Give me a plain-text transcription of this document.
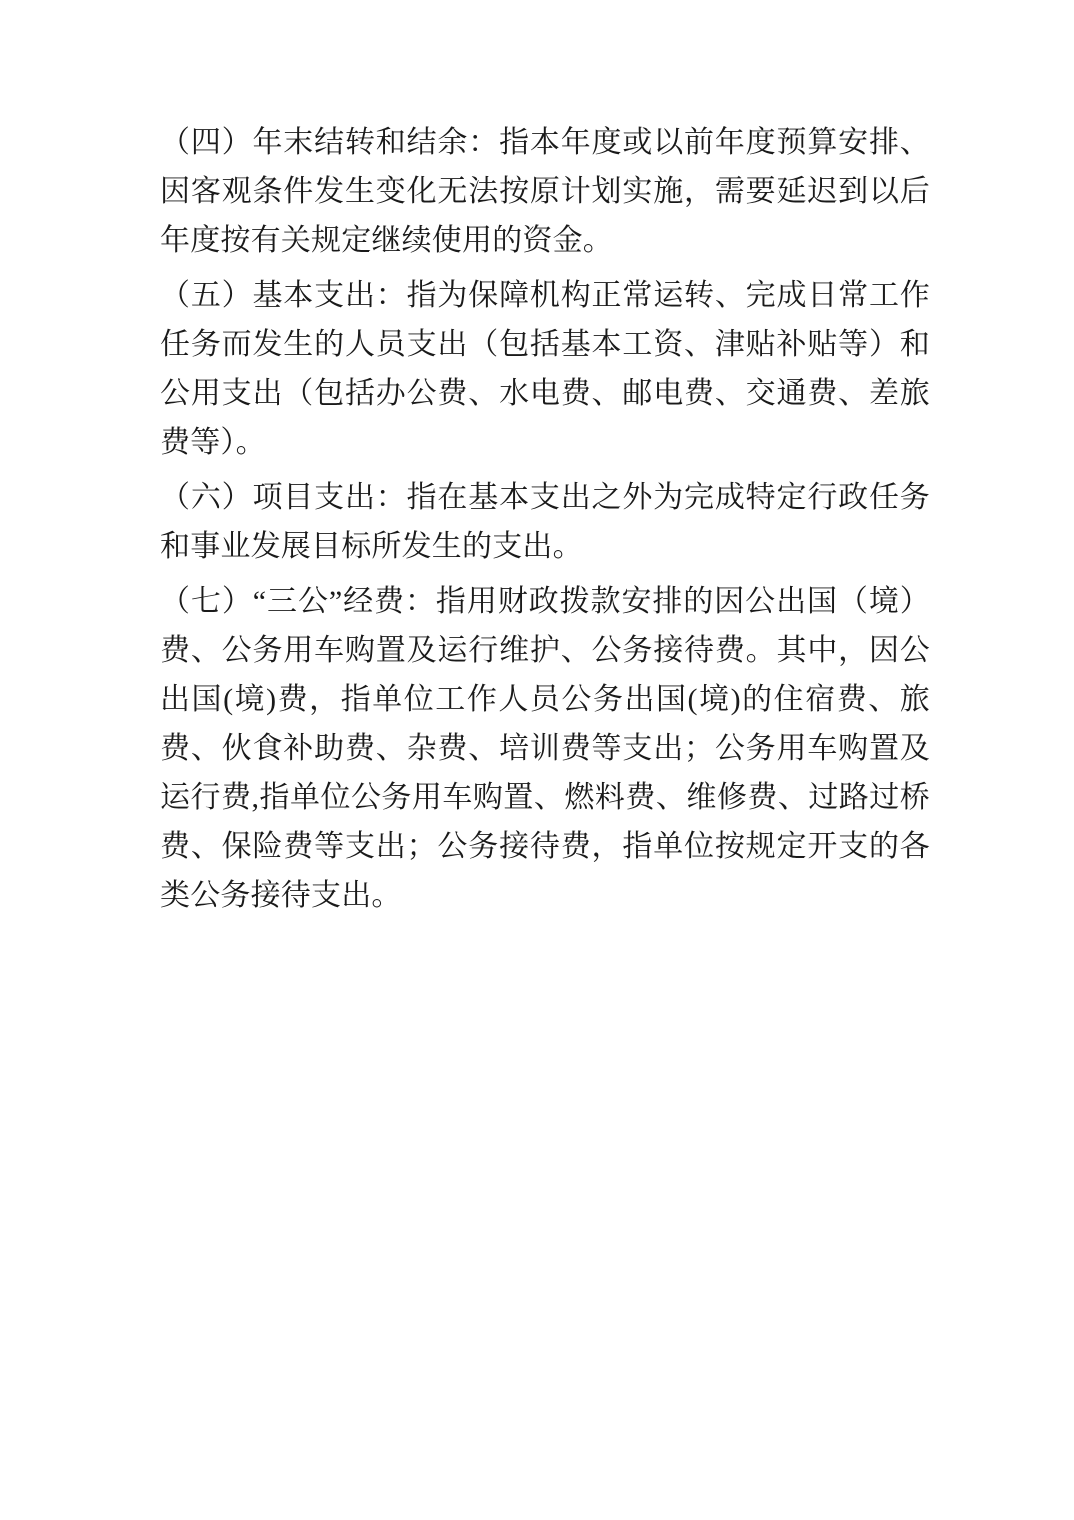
（四）年末结转和结余：指本年度或以前年度预算安排、因客观条件发生变化无法按原计划实施，需要延迟到以后年度按有关规定继续使用的资金。

（五）基本支出：指为保障机构正常运转、完成日常工作任务而发生的人员支出（包括基本工资、津贴补贴等）和公用支出（包括办公费、水电费、邮电费、交通费、差旅费等）。

（六）项目支出：指在基本支出之外为完成特定行政任务和事业发展目标所发生的支出。

（七）“三公”经费：指用财政拨款安排的因公出国（境）费、公务用车购置及运行维护、公务接待费。其中，因公出国(境)费，指单位工作人员公务出国(境)的住宿费、旅费、伙食补助费、杂费、培训费等支出；公务用车购置及运行费,指单位公务用车购置、燃料费、维修费、过路过桥费、保险费等支出；公务接待费，指单位按规定开支的各类公务接待支出。
